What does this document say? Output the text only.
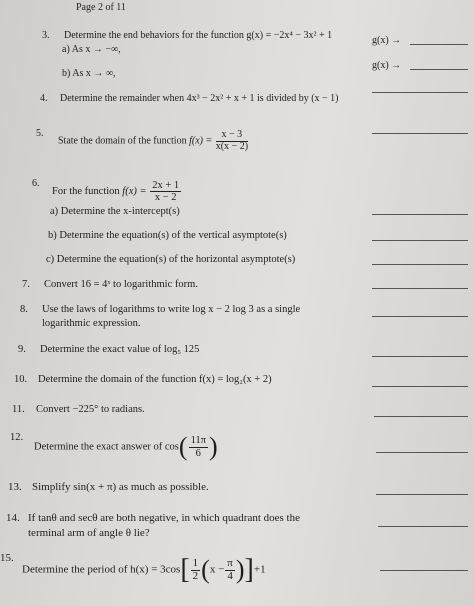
Page 2 of 11
3. Determine the end behaviors for the function g(x) = −2x⁴ − 3x² + 1
a) As x → −∞,
b) As x → ∞,
g(x) →
g(x) →
4. Determine the remainder when 4x³ − 2x² + x + 1 is divided by (x − 1)
5.
State the domain of the function $f(x) = \frac{x - 3}{x(x - 2)}$
6.
For the function $f(x) = \frac{2x + 1}{x - 2}$
a) Determine the x-intercept(s)
b) Determine the equation(s) of the vertical asymptote(s)
c) Determine the equation(s) of the horizontal asymptote(s)
7. Convert 16 = 4ˣ to logarithmic form.
8. Use the laws of logarithms to write log x − 2 log 3 as a single
logarithmic expression.
9. Determine the exact value of log₅ 125
10. Determine the domain of the function f(x) = log₂(x + 2)
11. Convert −225° to radians.
12.
Determine the exact answer of $\cos( \frac{11\pi}{6}$ )
13. Simplify sin(x + π) as much as possible.
14. If tanθ and secθ are both negative, in which quadrant does the
terminal arm of angle θ lie?
15.
Determine the period of $h(x) = 3\cos[ \frac{1}{2} (x - \frac{\pi}{4} )]+1$
